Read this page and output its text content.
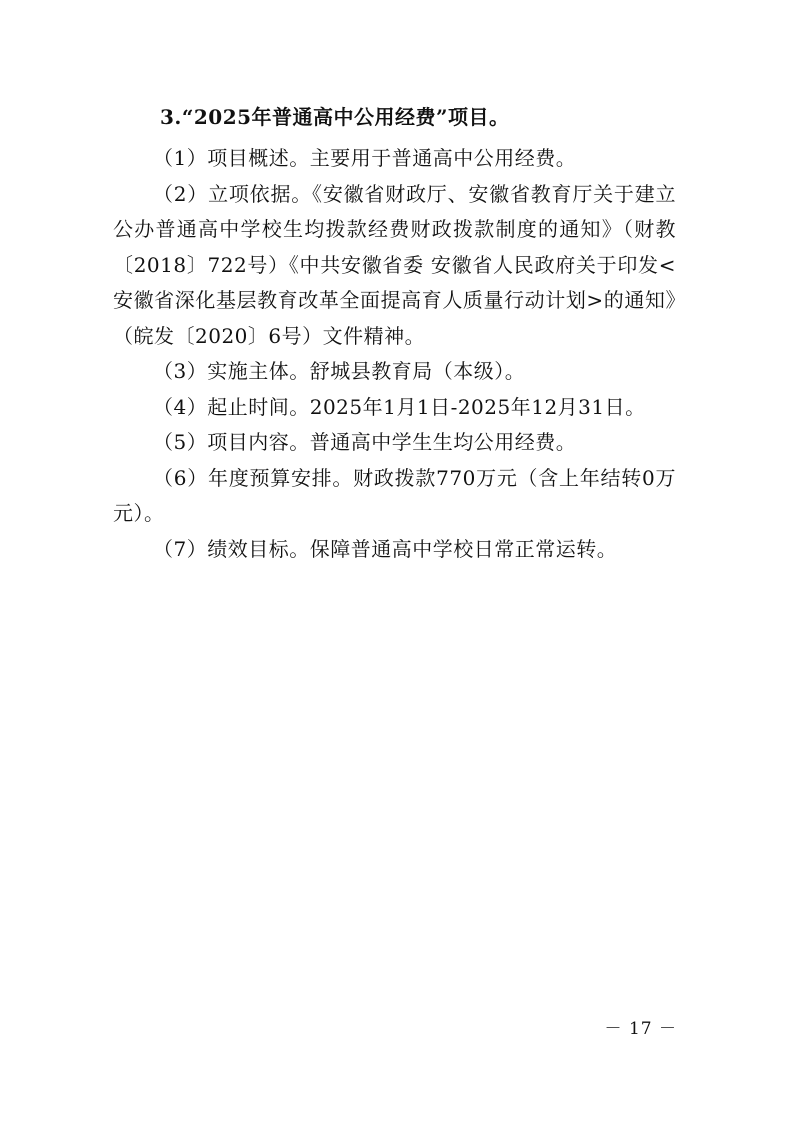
3.“2025年普通高中公用经费”项目。

（1）项目概述。主要用于普通高中公用经费。

（2）立项依据。《安徽省财政厅、安徽省教育厅关于建立公办普通高中学校生均拨款经费财政拨款制度的通知》（财教〔2018〕722号）《中共安徽省委 安徽省人民政府关于印发<安徽省深化基层教育改革全面提高育人质量行动计划>的通知》（皖发〔2020〕6号）文件精神。

（3）实施主体。舒城县教育局（本级）。

（4）起止时间。2025年1月1日-2025年12月31日。

（5）项目内容。普通高中学生生均公用经费。

（6）年度预算安排。财政拨款770万元（含上年结转0万元）。

（7）绩效目标。保障普通高中学校日常正常运转。

－ 17 －
